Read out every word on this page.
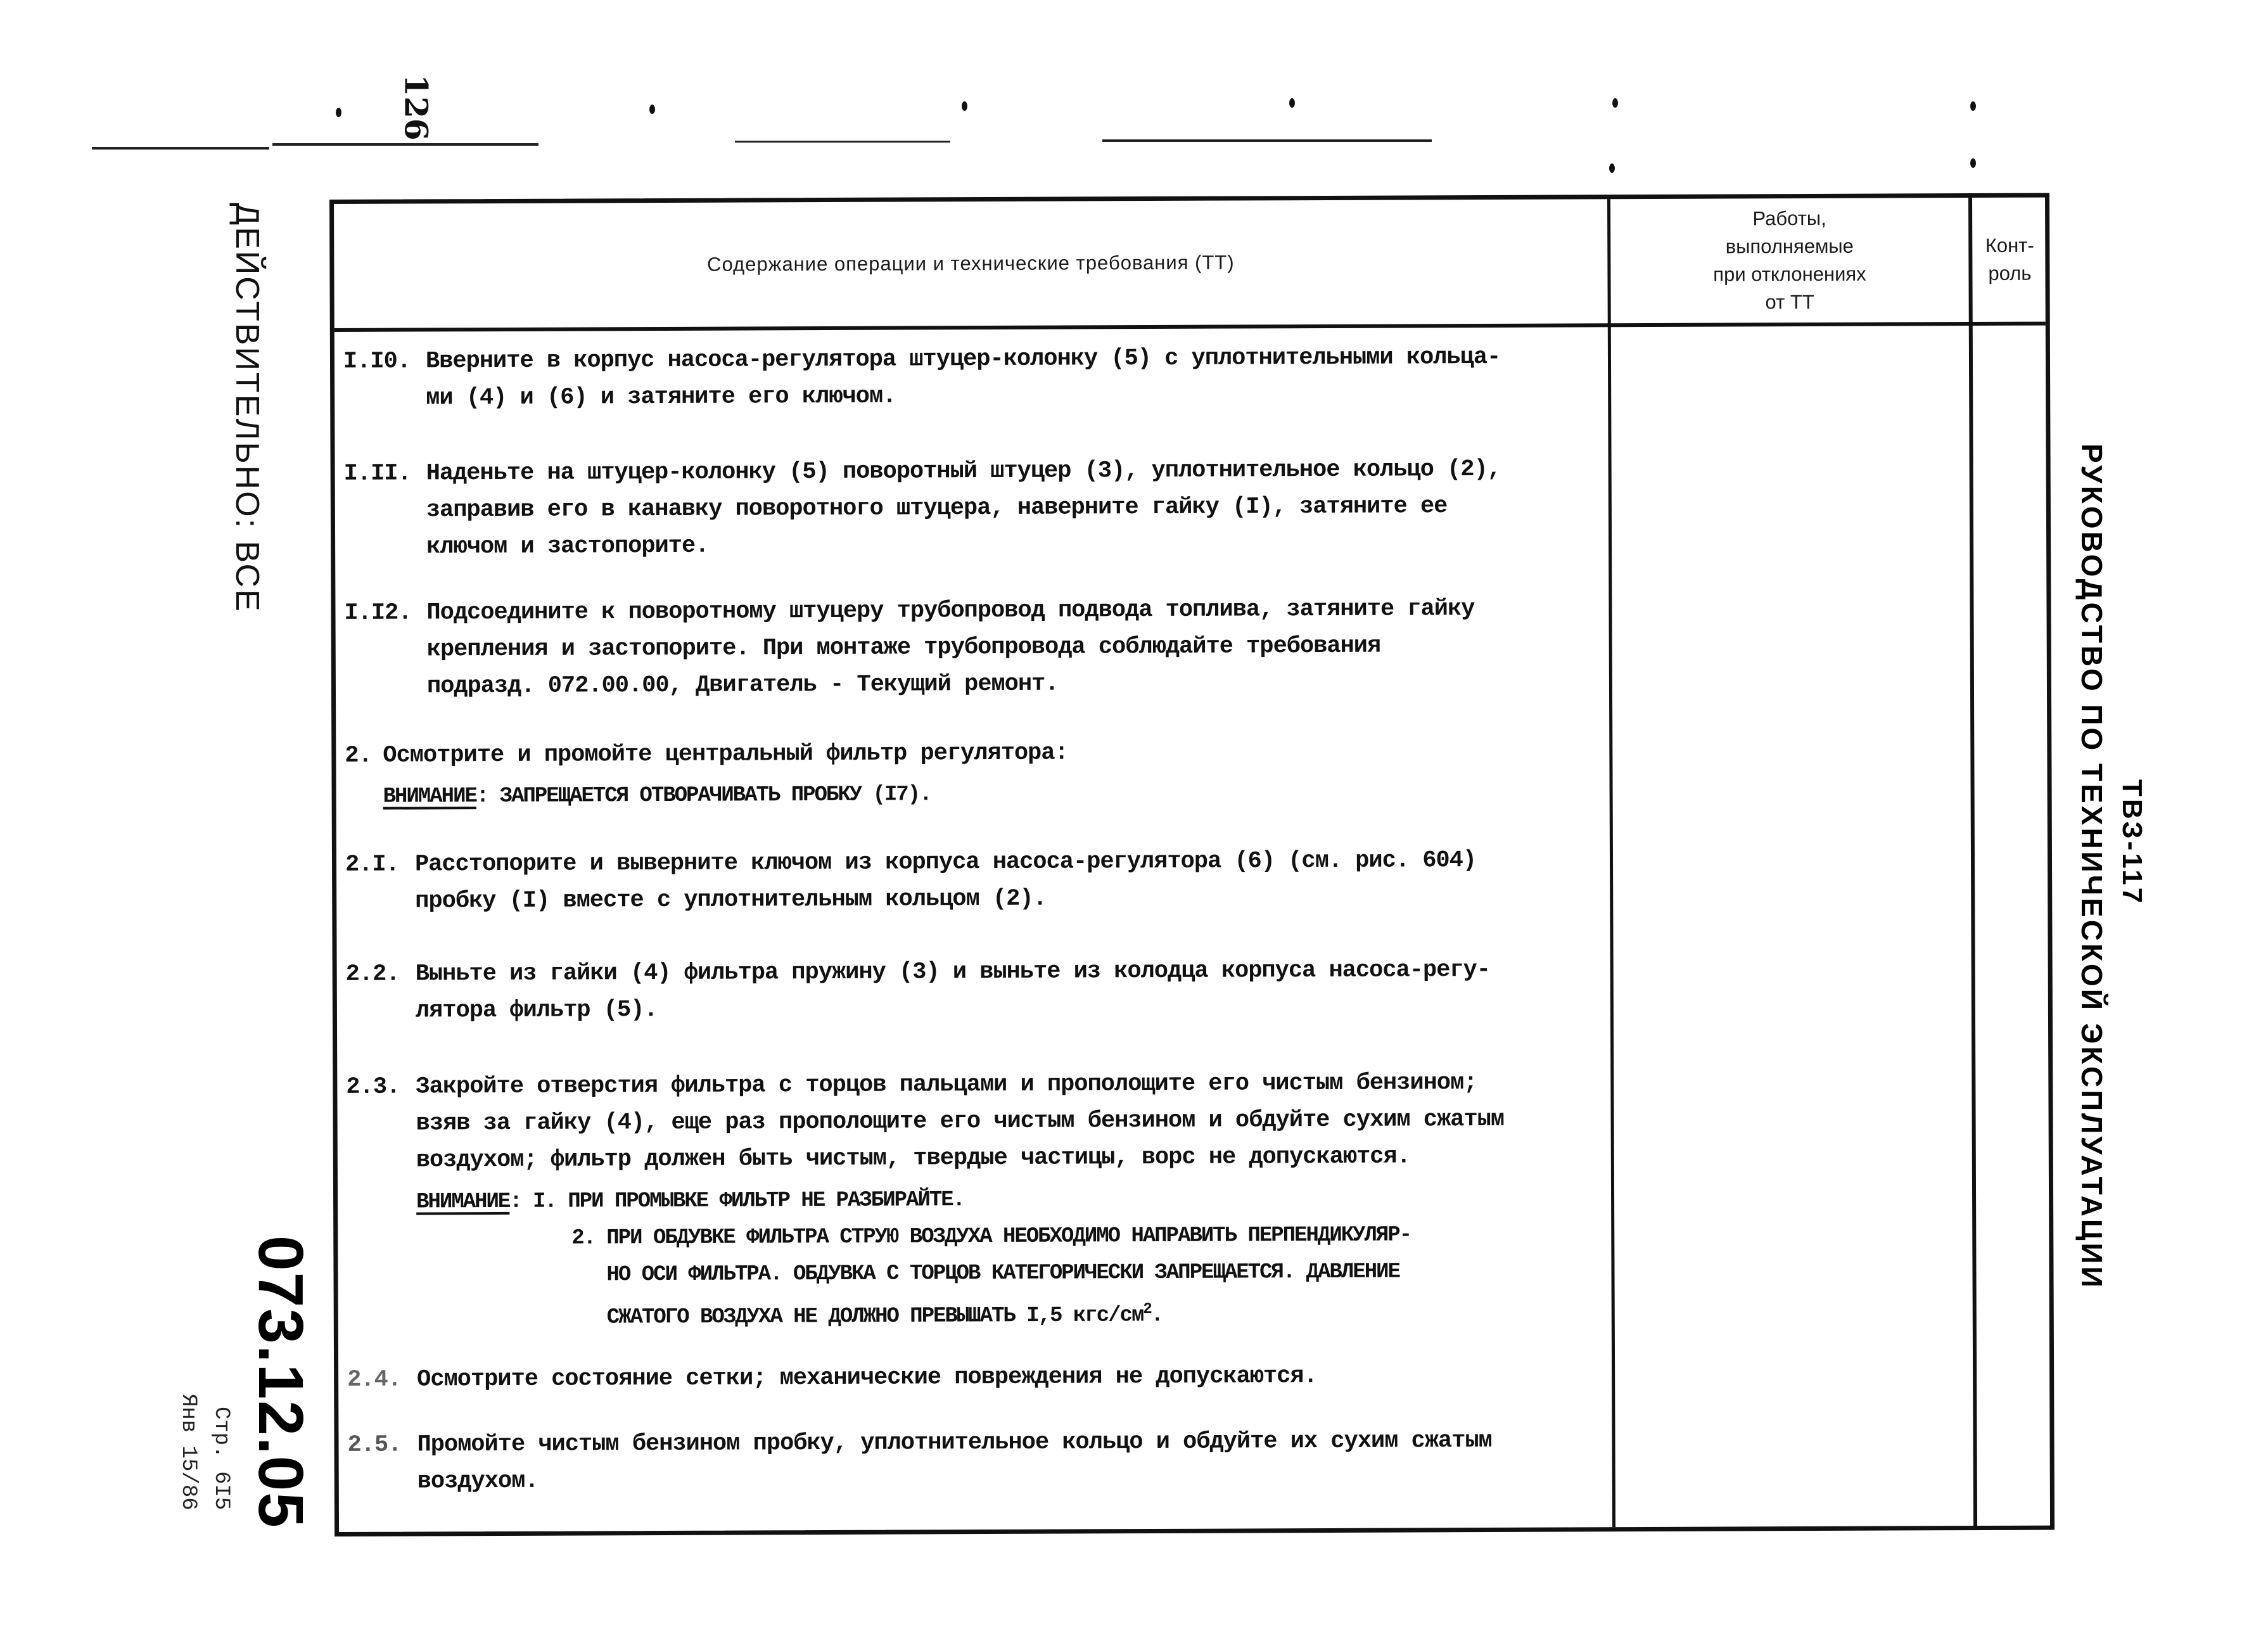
126
ДЕЙСТВИТЕЛЬНО: ВСЕ
073.12.05
Стр. 6I5
Янв 15/86
РУКОВОДСТВО ПО ТЕХНИЧЕСКОЙ ЭКСПЛУАТАЦИИ ТВЗ-117
Содержание операции и технические требования (ТТ)
Работы,
выполняемые
при отклонениях
от ТТ
Конт-
роль
I.I0. Вверните в корпус насоса-регулятора штуцер-колонку (5) с уплотнительными кольца-
ми (4) и (6) и затяните его ключом.
I.II. Наденьте на штуцер-колонку (5) поворотный штуцер (3), уплотнительное кольцо (2),
заправив его в канавку поворотного штуцера, наверните гайку (I), затяните ее
ключом и застопорите.
I.I2. Подсоедините к поворотному штуцеру трубопровод подвода топлива, затяните гайку
крепления и застопорите. При монтаже трубопровода соблюдайте требования
подразд. 072.00.00, Двигатель - Текущий ремонт.
2. Осмотрите и промойте центральный фильтр регулятора:
ВНИМАНИЕ: ЗАПРЕЩАЕТСЯ ОТВОРАЧИВАТЬ ПРОБКУ (I7).
2.I. Расстопорите и выверните ключом из корпуса насоса-регулятора (6) (см. рис. 604)
пробку (I) вместе с уплотнительным кольцом (2).
2.2. Выньте из гайки (4) фильтра пружину (3) и выньте из колодца корпуса насоса-регу-
лятора фильтр (5).
2.3. Закройте отверстия фильтра с торцов пальцами и прополощите его чистым бензином;
взяв за гайку (4), еще раз прополощите его чистым бензином и обдуйте сухим сжатым
воздухом; фильтр должен быть чистым, твердые частицы, ворс не допускаются.
ВНИМАНИЕ: I. ПРИ ПРОМЫВКЕ ФИЛЬТР НЕ РАЗБИРАЙТЕ.
2. ПРИ ОБДУВКЕ ФИЛЬТРА СТРУЮ ВОЗДУХА НЕОБХОДИМО НАПРАВИТЬ ПЕРПЕНДИКУЛЯР-
НО ОСИ ФИЛЬТРА. ОБДУВКА С ТОРЦОВ КАТЕГОРИЧЕСКИ ЗАПРЕЩАЕТСЯ. ДАВЛЕНИЕ
СЖАТОГО ВОЗДУХА НЕ ДОЛЖНО ПРЕВЫШАТЬ I,5 кгс/$см^2$.
2.4. Осмотрите состояние сетки; механические повреждения не допускаются.
2.5. Промойте чистым бензином пробку, уплотнительное кольцо и обдуйте их сухим сжатым
воздухом.
